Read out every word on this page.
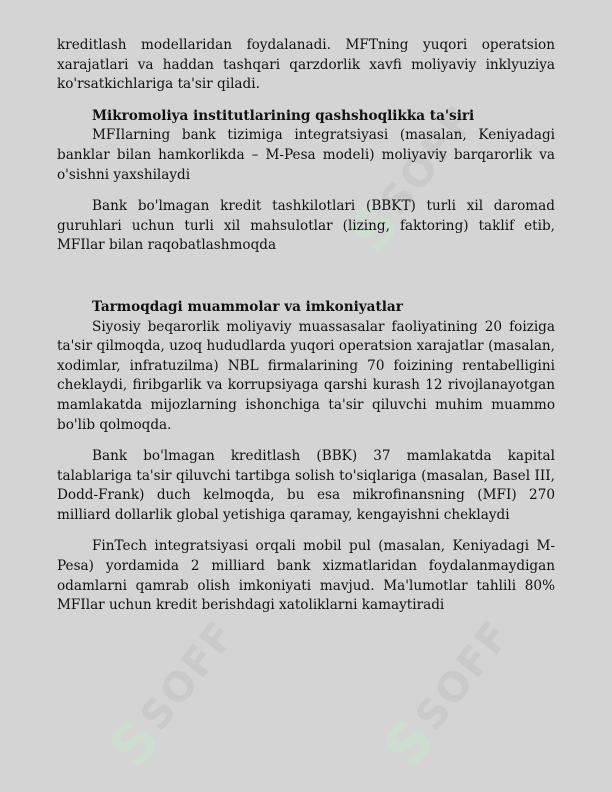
S
SOFF
S
SOFF
S
SOFF

kreditlash modellaridan foydalanadi. MFTning yuqori operatsion xarajatlari va haddan tashqari qarzdorlik xavfi moliyaviy inklyuziya ko'rsatkichlariga ta'sir qiladi.

Mikromoliya institutlarining qashshoqlikka ta'siri

MFIlarning bank tizimiga integratsiyasi (masalan, Keniyadagi banklar bilan hamkorlikda – M-Pesa modeli) moliyaviy barqarorlik va o'sishni yaxshilaydi

Bank bo'lmagan kredit tashkilotlari (BBKT) turli xil daromad guruhlari uchun turli xil mahsulotlar (lizing, faktoring) taklif etib, MFIlar bilan raqobatlashmoqda

Tarmoqdagi muammolar va imkoniyatlar

Siyosiy beqarorlik moliyaviy muassasalar faoliyatining 20 foiziga ta'sir qilmoqda, uzoq hududlarda yuqori operatsion xarajatlar (masalan, xodimlar, infratuzilma) NBL firmalarining 70 foizining rentabelligini cheklaydi, firibgarlik va korrupsiyaga qarshi kurash 12 rivojlanayotgan mamlakatda mijozlarning ishonchiga ta'sir qiluvchi muhim muammo bo'lib qolmoqda.

Bank bo'lmagan kreditlash (BBK) 37 mamlakatda kapital talablariga ta'sir qiluvchi tartibga solish to'siqlariga (masalan, Basel III, Dodd-Frank) duch kelmoqda, bu esa mikrofinansning (MFI) 270 milliard dollarlik global yetishiga qaramay, kengayishni cheklaydi

FinTech integratsiyasi orqali mobil pul (masalan, Keniyadagi M-Pesa) yordamida 2 milliard bank xizmatlaridan foydalanmaydigan odamlarni qamrab olish imkoniyati mavjud. Ma'lumotlar tahlili 80% MFIlar uchun kredit berishdagi xatoliklarni kamaytiradi
